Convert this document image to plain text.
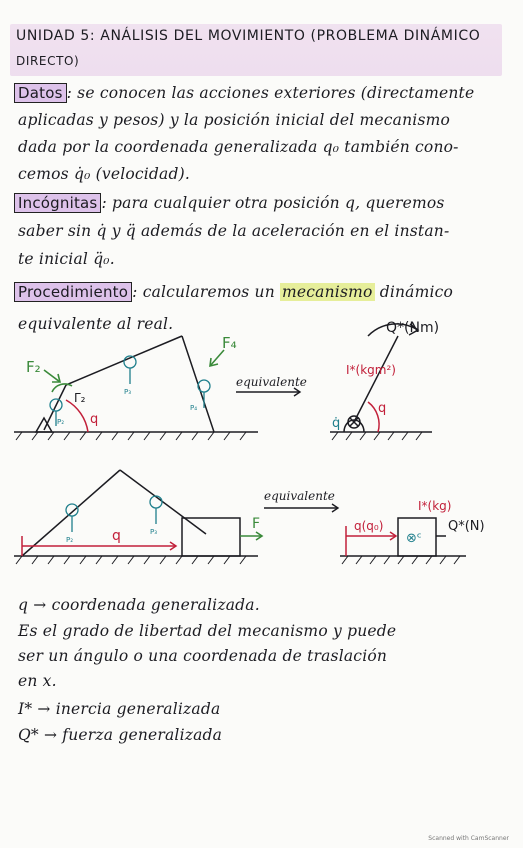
UNIDAD 5: ANÁLISIS DEL MOVIMIENTO (PROBLEMA DINÁMICO
DIRECTO)
Datos : se conocen las acciones exteriores (directamente
aplicadas y pesos) y la posición inicial del mecanismo
dada por la coordenada generalizada q₀ también cono-
cemos q̇₀ (velocidad).
Incógnitas : para cualquier otra posición q, queremos
saber sin q̇ y q̈ además de la aceleración en el instan-
te inicial q̈₀.
Procedimiento : calcularemos un mecanismo dinámico
equivalente al real.
q
P₂
P₃
P₄
F₂
F₄
Γ₂
equivalente
q
Q*(Nm)
I*(kgm²)
q̇
q
P₂
P₃	F
equivalente
q(q₀)
⊗ᶜ
I*(kg)
Q*(N)
q → coordenada generalizada.
Es el grado de libertad del mecanismo y puede
ser un ángulo o una coordenada de traslación
en x.
I* → inercia generalizada
Q* → fuerza generalizada
Scanned with CamScanner
